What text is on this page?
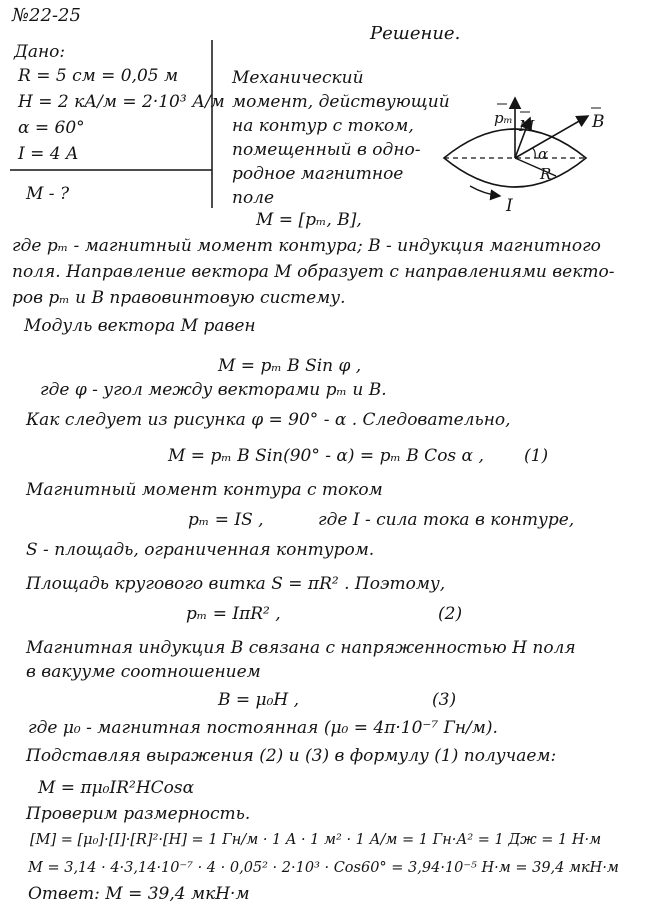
№22-25
Решение.
Дано:
R = 5 см = 0,05 м
H = 2 кА/м = 2·10³ А/м
α = 60°
I = 4 A
M - ?
Механический
момент, действующий
на контур с током,
помещенный в одно-
родное магнитное
поле
pₘ M	B
α
R
I
M = [pₘ, B],
где pₘ - магнитный момент контура; B - индукция магнитного
поля. Направление вектора M образует с направлениями векто-
ров pₘ и B правовинтовую систему.
Модуль вектора M равен
M = pₘ B Sin φ ,
где φ - угол между векторами pₘ и B.
Как следует из рисунка φ = 90° - α . Следовательно,
M = pₘ B Sin(90° - α) = pₘ B Cos α , (1)
Магнитный момент контура с током
pₘ = IS ,	где I - сила тока в контуре,
S - площадь, ограниченная контуром.
Площадь кругового витка S = πR² . Поэтому,
pₘ = IπR² ,	(2)
Магнитная индукция B связана с напряженностью H поля
в вакууме соотношением
B = μ₀H ,	(3)
где μ₀ - магнитная постоянная (μ₀ = 4π·10⁻⁷ Гн/м).
Подставляя выражения (2) и (3) в формулу (1) получаем:
M = πμ₀IR²HCosα
Проверим размерность.
[M] = [μ₀]·[I]·[R]²·[H] = 1 Гн/м · 1 A · 1 м² · 1 А/м = 1 Гн·А² = 1 Дж = 1 Н·м
M = 3,14 · 4·3,14·10⁻⁷ · 4 · 0,05² · 2·10³ · Cos60° = 3,94·10⁻⁵ Н·м = 39,4 мкН·м
Ответ: M = 39,4 мкН·м
